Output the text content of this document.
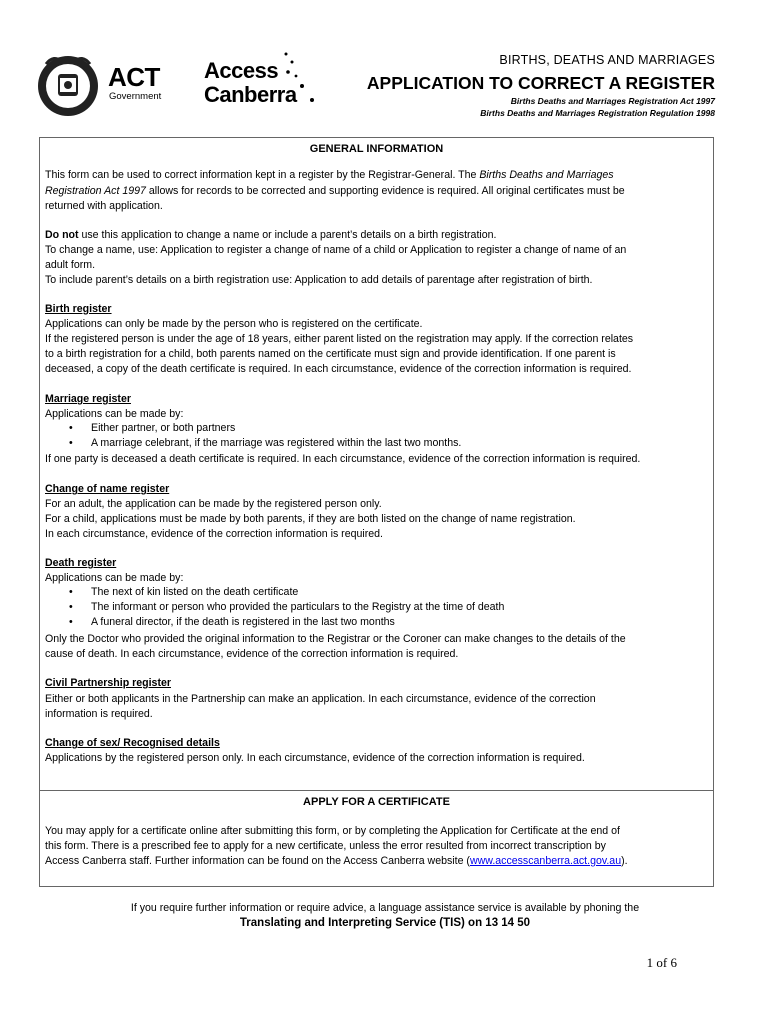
ACT
Government
Access
Canberra
BIRTHS, DEATHS AND MARRIAGES
APPLICATION TO CORRECT A REGISTER
Births Deaths and Marriages Registration Act 1997
Births Deaths and Marriages Registration Regulation 1998
GENERAL INFORMATION
This form can be used to correct information kept in a register by the Registrar-General. The Births Deaths and Marriages
Registration Act 1997 allows for records to be corrected and supporting evidence is required. All original certificates must be
returned with application.
Do not use this application to change a name or include a parent’s details on a birth registration.
To change a name, use: Application to register a change of name of a child or Application to register a change of name of an
adult form.
To include parent’s details on a birth registration use: Application to add details of parentage after registration of birth.
Birth register
Applications can only be made by the person who is registered on the certificate.
If the registered person is under the age of 18 years, either parent listed on the registration may apply. If the correction relates
to a birth registration for a child, both parents named on the certificate must sign and provide identification. If one parent is
deceased, a copy of the death certificate is required. In each circumstance, evidence of the correction information is required.
Marriage register
Applications can be made by:
• Either partner, or both partners
• A marriage celebrant, if the marriage was registered within the last two months.
If one party is deceased a death certificate is required. In each circumstance, evidence of the correction information is required.
Change of name register
For an adult, the application can be made by the registered person only.
For a child, applications must be made by both parents, if they are both listed on the change of name registration.
In each circumstance, evidence of the correction information is required.
Death register
Applications can be made by:
• The next of kin listed on the death certificate
• The informant or person who provided the particulars to the Registry at the time of death
• A funeral director, if the death is registered in the last two months
Only the Doctor who provided the original information to the Registrar or the Coroner can make changes to the details of the
cause of death. In each circumstance, evidence of the correction information is required.
Civil Partnership register
Either or both applicants in the Partnership can make an application. In each circumstance, evidence of the correction
information is required.
Change of sex/ Recognised details
Applications by the registered person only. In each circumstance, evidence of the correction information is required.
APPLY FOR A CERTIFICATE
You may apply for a certificate online after submitting this form, or by completing the Application for Certificate at the end of
this form. There is a prescribed fee to apply for a new certificate, unless the error resulted from incorrect transcription by
Access Canberra staff. Further information can be found on the Access Canberra website (www.accesscanberra.act.gov.au).
If you require further information or require advice, a language assistance service is available by phoning the
Translating and Interpreting Service (TIS) on 13 14 50
1 of 6
